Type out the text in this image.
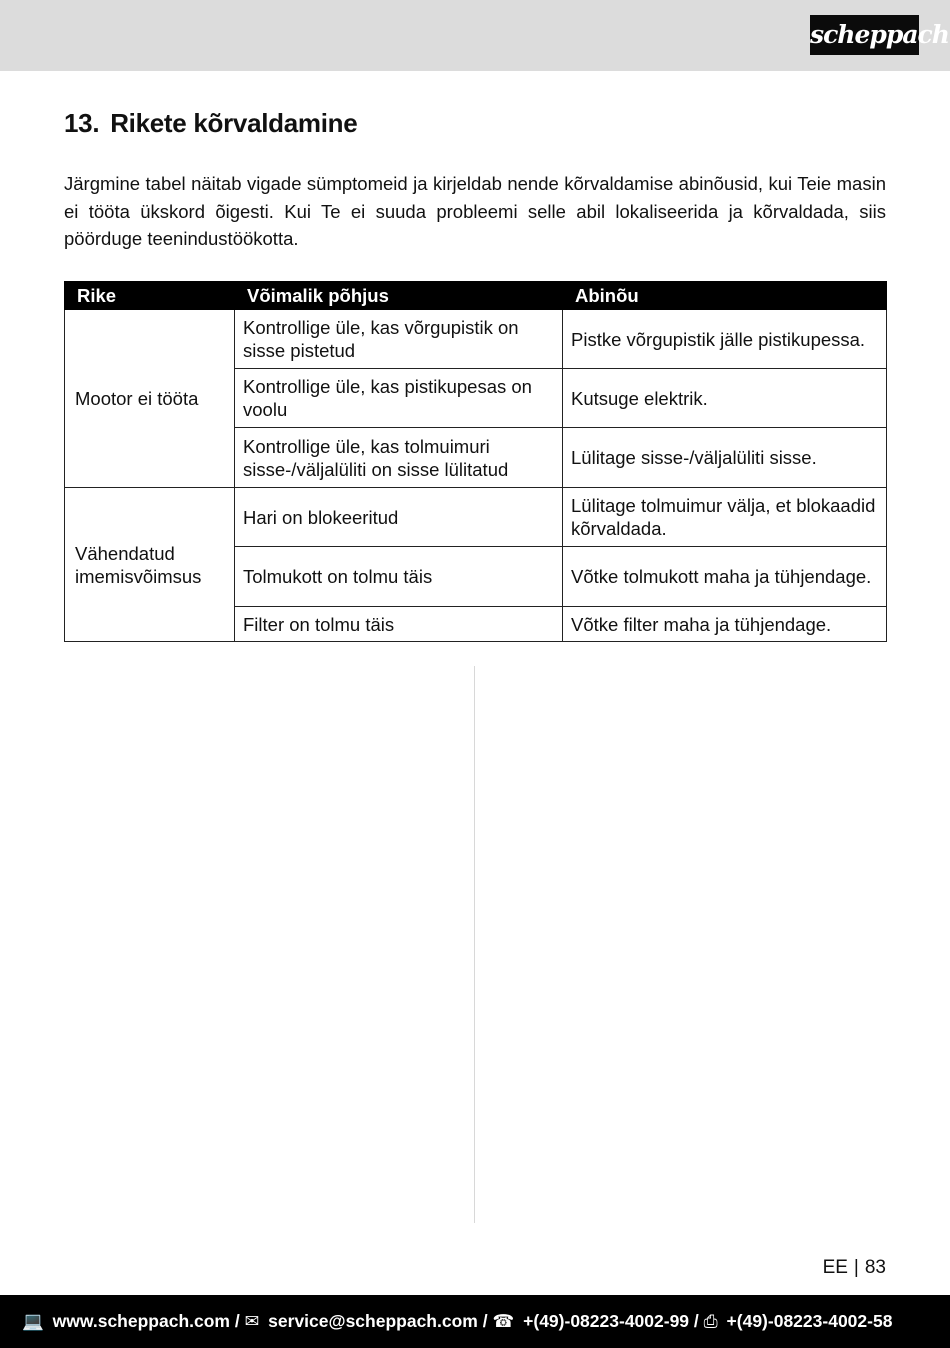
scheppach
13. Rikete kõrvaldamine

Järgmine tabel näitab vigade sümptomeid ja kirjeldab nende kõrvaldamise abinõusid, kui Teie masin ei tööta ükskord õigesti. Kui Te ei suuda probleemi selle abil lokaliseerida ja kõrvaldada, siis pöörduge teenindustöökotta.

Rike	Võimalik põhjus	Abinõu
Mootor ei tööta	Kontrollige üle, kas võrgupistik on sisse pistetud	Pistke võrgupistik jälle pistikupessa.
	Kontrollige üle, kas pistikupesas on voolu	Kutsuge elektrik.
	Kontrollige üle, kas tolmuimuri sisse-/väljalüliti on sisse lülitatud	Lülitage sisse-/väljalüliti sisse.
Vähendatud imemisvõimsus	Hari on blokeeritud	Lülitage tolmuimur välja, et blokaadid kõrvaldada.
	Tolmukott on tolmu täis	Võtke tolmukott maha ja tühjendage.
	Filter on tolmu täis	Võtke filter maha ja tühjendage.
EE | 83
💻 www.scheppach.com / ✉ service@scheppach.com / ☎ +(49)-08223-4002-99 / ⎙ +(49)-08223-4002-58
